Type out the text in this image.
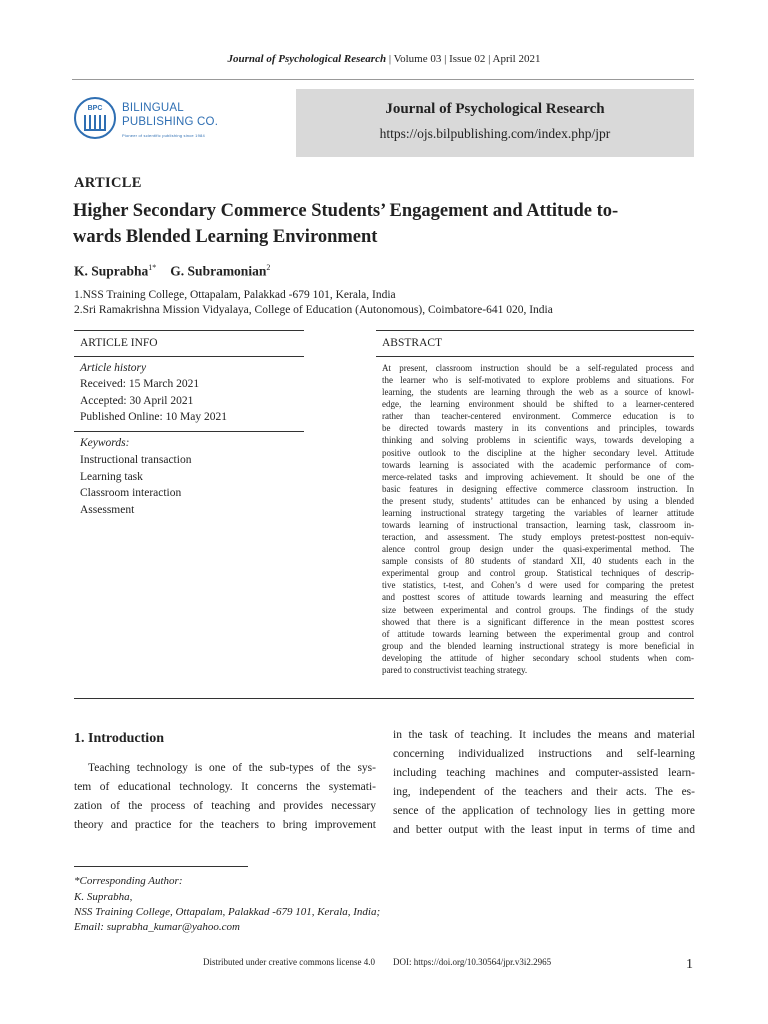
Journal of Psychological Research | Volume 03 | Issue 02 | April 2021
BPC	BILINGUAL
PUBLISHING CO.
Pioneer of scientific publishing since 1984
Journal of Psychological Research
https://ojs.bilpublishing.com/index.php/jpr
ARTICLE
Higher Secondary Commerce Students’ Engagement and Attitude to-
wards Blended Learning Environment
K. Suprabha$^{1*}$ G. Subramonian$^2$
1.NSS Training College, Ottapalam, Palakkad -679 101, Kerala, India
2.Sri Ramakrishna Mission Vidyalaya, College of Education (Autonomous), Coimbatore-641 020, India
ARTICLE INFO
Article history
Received: 15 March 2021
Accepted: 30 April 2021
Published Online: 10 May 2021
Keywords:
Instructional transaction
Learning task
Classroom interaction
Assessment
ABSTRACT
At present, classroom instruction should be a self-regulated process and
the learner who is self-motivated to explore problems and situations. For
learning, the students are learning through the web as a source of knowl-
edge, the learning environment should be shifted to a learner-centered
rather than teacher-centered environment. Commerce education is to
be directed towards mastery in its conventions and principles, towards
thinking and solving problems in scientific ways, towards developing a
positive outlook to the discipline at the higher secondary level. Attitude
towards learning is associated with the academic performance of com-
merce-related tasks and improving achievement. It should be one of the
basic features in designing effective commerce classroom instruction. In
the present study, students’ attitudes can be enhanced by using a blended
learning instructional strategy targeting the variables of learner attitude
towards learning of instructional transaction, learning task, classroom in-
teraction, and assessment. The study employs pretest-posttest non-equiv-
alence control group design under the quasi-experimental method. The
sample consists of 80 students of standard XII, 40 students each in the
experimental group and control group. Statistical techniques of descrip-
tive statistics, t-test, and Cohen’s d were used for comparing the pretest
and posttest scores of attitude towards learning and measuring the effect
size between experimental and control groups. The findings of the study
showed that there is a significant difference in the mean posttest scores
of attitude towards learning between the experimental group and control
group and the blended learning instructional strategy is more beneficial in
developing the attitude of higher secondary school students when com-
pared to constructivist teaching strategy.
1. Introduction
Teaching technology is one of the sub-types of the sys-
tem of educational technology. It concerns the systemati-
zation of the process of teaching and provides necessary
theory and practice for the teachers to bring improvement
in the task of teaching. It includes the means and material
concerning individualized instructions and self-learning
including teaching machines and computer-assisted learn-
ing, independent of the teachers and their acts. The es-
sence of the application of technology lies in getting more
and better output with the least input in terms of time and
*Corresponding Author:
K. Suprabha,
NSS Training College, Ottapalam, Palakkad -679 101, Kerala, India;
Email: suprabha_kumar@yahoo.com
Distributed under creative commons license 4.0 DOI: https://doi.org/10.30564/jpr.v3i2.2965	1
